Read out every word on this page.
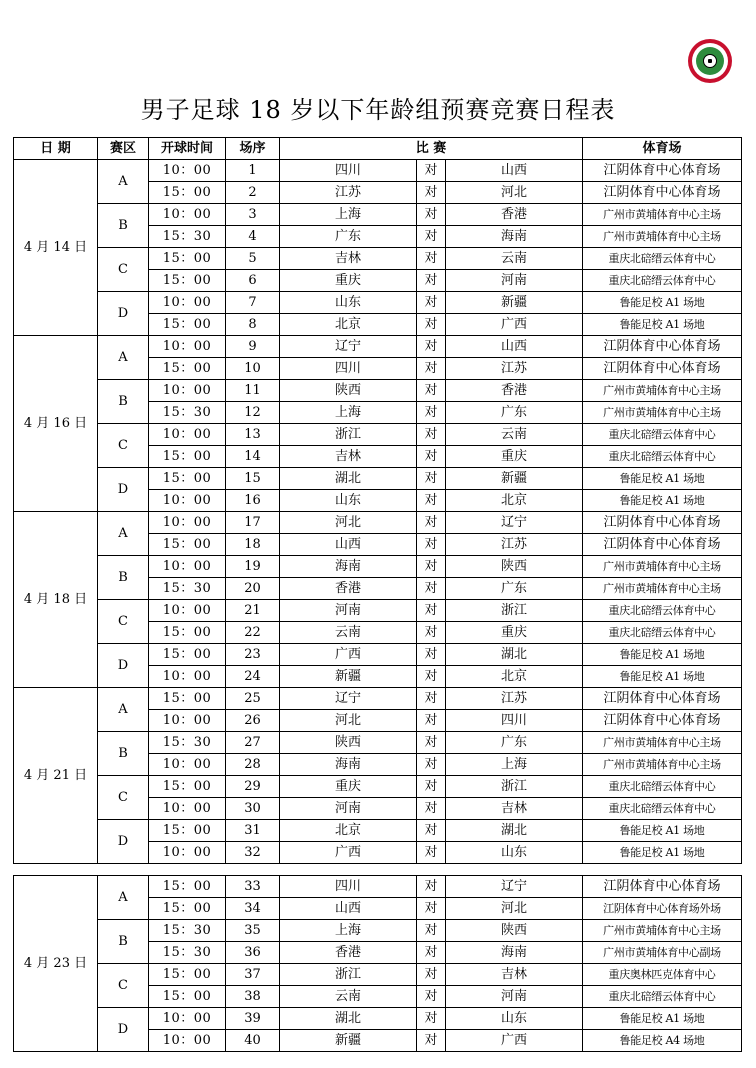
男子足球 18 岁以下年龄组预赛竞赛日程表
日 期	赛区	开球时间	场序	比 赛			体育场
4 月 14 日	A	10：00	1	四川	对	山西	江阴体育中心体育场
		15：00	2	江苏	对	河北	江阴体育中心体育场
	B	10：00	3	上海	对	香港	广州市黄埔体育中心主场
		15：30	4	广东	对	海南	广州市黄埔体育中心主场
	C	15：00	5	吉林	对	云南	重庆北碚缙云体育中心
		15：00	6	重庆	对	河南	重庆北碚缙云体育中心
	D	10：00	7	山东	对	新疆	鲁能足校 A1 场地
		15：00	8	北京	对	广西	鲁能足校 A1 场地
4 月 16 日	A	10：00	9	辽宁	对	山西	江阴体育中心体育场
		15：00	10	四川	对	江苏	江阴体育中心体育场
	B	10：00	11	陕西	对	香港	广州市黄埔体育中心主场
		15：30	12	上海	对	广东	广州市黄埔体育中心主场
	C	10：00	13	浙江	对	云南	重庆北碚缙云体育中心
		15：00	14	吉林	对	重庆	重庆北碚缙云体育中心
	D	15：00	15	湖北	对	新疆	鲁能足校 A1 场地
		10：00	16	山东	对	北京	鲁能足校 A1 场地
4 月 18 日	A	10：00	17	河北	对	辽宁	江阴体育中心体育场
		15：00	18	山西	对	江苏	江阴体育中心体育场
	B	10：00	19	海南	对	陕西	广州市黄埔体育中心主场
		15：30	20	香港	对	广东	广州市黄埔体育中心主场
	C	10：00	21	河南	对	浙江	重庆北碚缙云体育中心
		15：00	22	云南	对	重庆	重庆北碚缙云体育中心
	D	15：00	23	广西	对	湖北	鲁能足校 A1 场地
		10：00	24	新疆	对	北京	鲁能足校 A1 场地
4 月 21 日	A	15：00	25	辽宁	对	江苏	江阴体育中心体育场
		10：00	26	河北	对	四川	江阴体育中心体育场
	B	15：30	27	陕西	对	广东	广州市黄埔体育中心主场
		10：00	28	海南	对	上海	广州市黄埔体育中心主场
	C	15：00	29	重庆	对	浙江	重庆北碚缙云体育中心
		10：00	30	河南	对	吉林	重庆北碚缙云体育中心
	D	15：00	31	北京	对	湖北	鲁能足校 A1 场地
		10：00	32	广西	对	山东	鲁能足校 A1 场地
4 月 23 日	A	15：00	33	四川	对	辽宁	江阴体育中心体育场
		15：00	34	山西	对	河北	江阴体育中心体育场外场
	B	15：30	35	上海	对	陕西	广州市黄埔体育中心主场
		15：30	36	香港	对	海南	广州市黄埔体育中心副场
	C	15：00	37	浙江	对	吉林	重庆奥林匹克体育中心
		15：00	38	云南	对	河南	重庆北碚缙云体育中心
	D	10：00	39	湖北	对	山东	鲁能足校 A1 场地
		10：00	40	新疆	对	广西	鲁能足校 A4 场地
